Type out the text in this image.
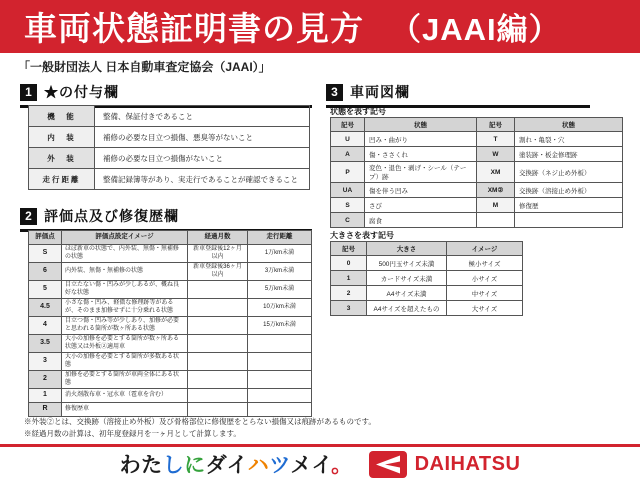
車両状態証明書の見方 （JAAI編）
「一般財団法人 日本自動車査定協会（JAAI）」
1 ★の付与欄
機　能	整備、保証付きであること
内　装	補修の必要な目立つ損傷、悪臭等がないこと
外　装	補修の必要な目立つ損傷がないこと
走行距離	整備記録簿等があり、実走行であることが確認できること
2 評価点及び修復歴欄
評価点	評価点設定イメージ	経過月数	走行距離
S	ほぼ新車の状態で、内外装、無傷・無補修の状態	新車登録後12ヶ月以内	1万km未満
6	内外装、無傷・無補修の状態	新車登録後36ヶ月以内	3万km未満
5	目立たない傷・凹みが少しあるが、概ね良好な状態		5万km未満
4.5	小さな傷・凹み、軽微な修理跡等があるが、そのまま加修せずに十分乗れる状態		10万km未満
4	目立つ傷・凹み等が少しあり、加修が必要と思われる箇所が数ヶ所ある状態		15万km未満
3.5	大小の加修を必要とする箇所が数ヶ所ある状態又は外板②適用車		
3	大小の加修を必要とする箇所が多数ある状態		
2	加修を必要とする箇所が車両全体にある状態		
1	消火剤散布車・冠水車（雹車を含む）		
R	修復歴車		
3 車両図欄
状態を表す記号
記号	状態	記号	状態
U	凹み・曲がり	T	割れ・亀裂・穴
A	傷・ささくれ	W	塗装跡・板金修理跡
P	変色・退色・剥げ・シール（テープ）跡	XM	交換跡（ネジ止め外板）
UA	傷を伴う凹み	XM②	交換跡（溶接止め外板）
S	さび	M	修復歴
C	腐食		
大きさを表す記号
記号	大きさ	イメージ
0	500円玉サイズ未満	極小サイズ
1	カードサイズ未満	小サイズ
2	A4サイズ未満	中サイズ
3	A4サイズを超えたもの	大サイズ
※外装②とは、交換跡（溶接止め外板）及び骨格部位に修復歴をとらない損傷又は痕跡があるものです。
※経過月数の計算は、初年度登録月を一ヶ月として計算します。
わたしにダイハツメイ。	DAIHATSU
